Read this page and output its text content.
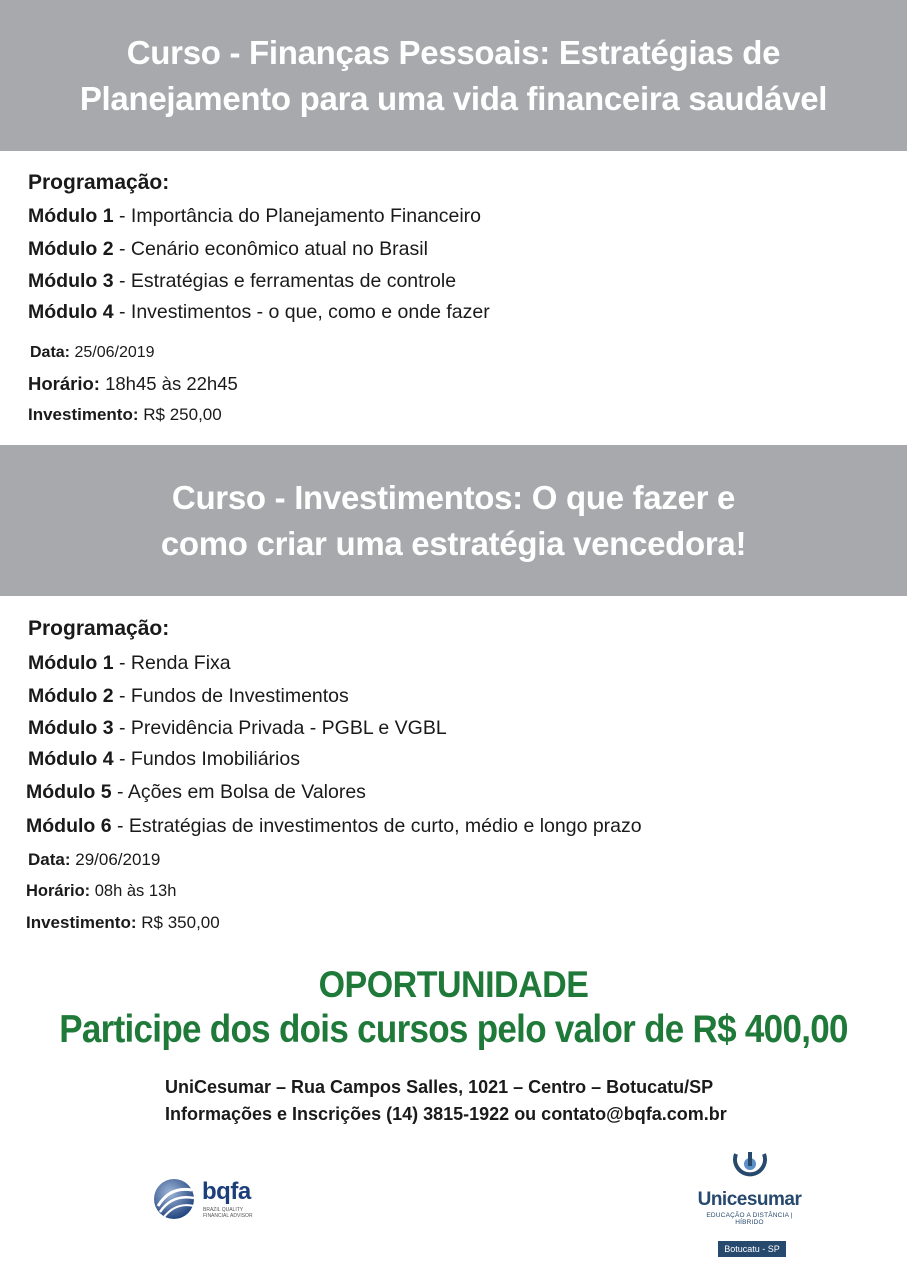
Curso - Finanças Pessoais: Estratégias de
Planejamento para uma vida financeira saudável
Programação:
Módulo 1 - Importância do Planejamento Financeiro
Módulo 2 - Cenário econômico atual no Brasil
Módulo 3 - Estratégias e ferramentas de controle
Módulo 4 - Investimentos - o que, como e onde fazer
Data: 25/06/2019
Horário: 18h45 às 22h45
Investimento: R$ 250,00
Curso - Investimentos: O que fazer e
como criar uma estratégia vencedora!
Programação:
Módulo 1 - Renda Fixa
Módulo 2 - Fundos de Investimentos
Módulo 3 - Previdência Privada - PGBL e VGBL
Módulo 4 - Fundos Imobiliários
Módulo 5 - Ações em Bolsa de Valores
Módulo 6 - Estratégias de investimentos de curto, médio e longo prazo
Data: 29/06/2019
Horário: 08h às 13h
Investimento: R$ 350,00
OPORTUNIDADE
Participe dos dois cursos pelo valor de R$ 400,00
UniCesumar – Rua Campos Salles, 1021 – Centro – Botucatu/SP
Informações e Inscrições (14) 3815-1922 ou contato@bqfa.com.br
bqfa
BRAZIL QUALITY
FINANCIAL ADVISOR
Unicesumar
EDUCAÇÃO A DISTÂNCIA | HÍBRIDO
Botucatu - SP
